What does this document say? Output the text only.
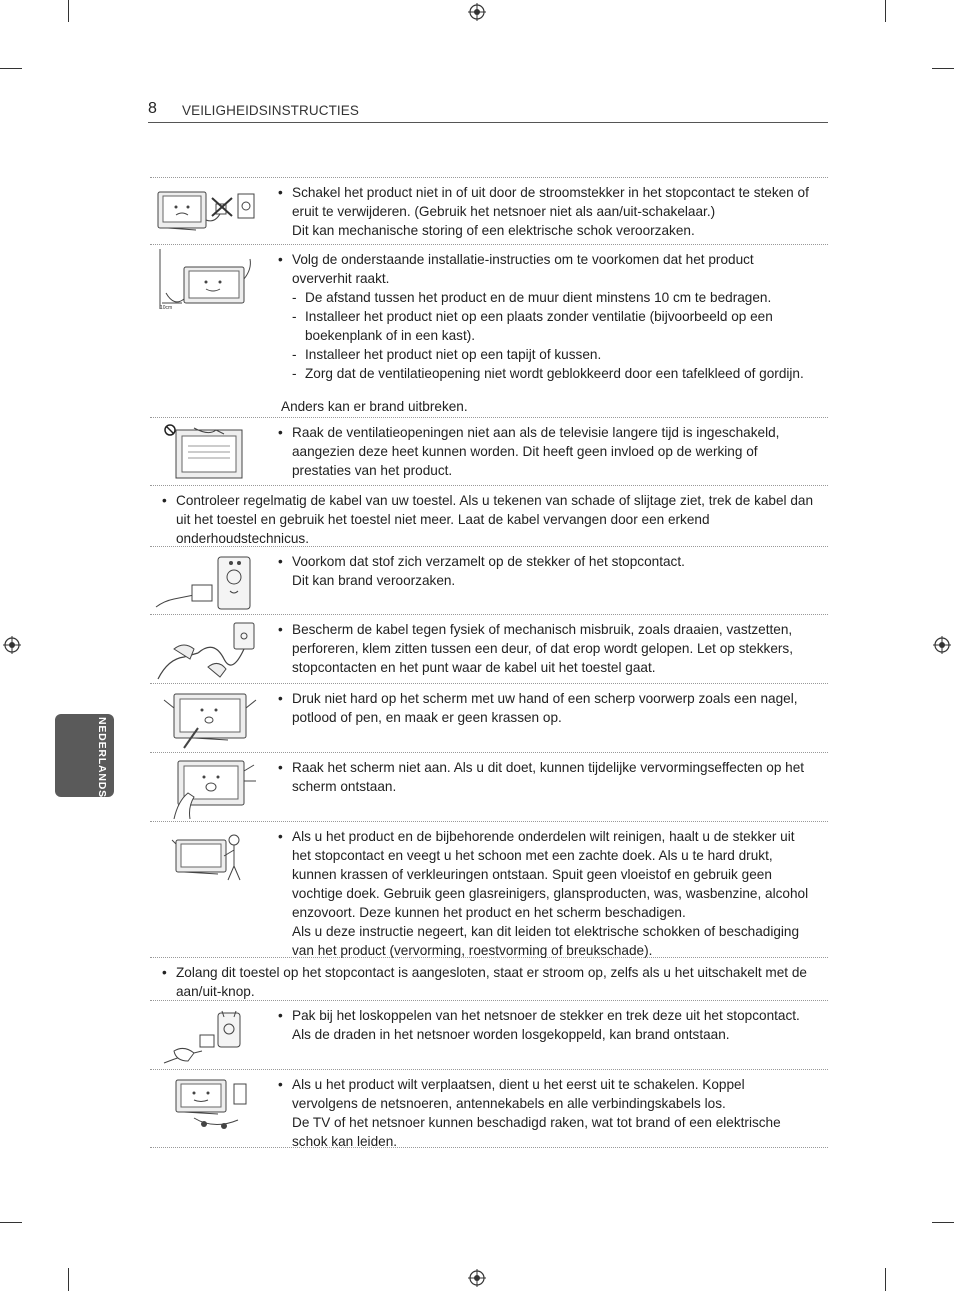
8 VEILIGHEIDSINSTRUCTIES
NEDERLANDS
• Schakel het product niet in of uit door de stroomstekker in het stopcontact te steken of eruit te verwijderen. (Gebruik het netsnoer niet als aan/uit-schakelaar.)
Dit kan mechanische storing of een elektrische schok veroorzaken.
10cm
• Volg de onderstaande installatie-instructies om te voorkomen dat het product oververhit raakt.
- De afstand tussen het product en de muur dient minstens 10 cm te bedragen.
- Installeer het product niet op een plaats zonder ventilatie (bijvoorbeeld op een boekenplank of in een kast).
- Installeer het product niet op een tapijt of kussen.
- Zorg dat de ventilatieopening niet wordt geblokkeerd door een tafelkleed of gordijn.
• Raak de ventilatieopeningen niet aan als de televisie langere tijd is ingeschakeld, aangezien deze heet kunnen worden. Dit heeft geen invloed op de werking of prestaties van het product.
• Controleer regelmatig de kabel van uw toestel. Als u tekenen van schade of slijtage ziet, trek de kabel dan uit het toestel en gebruik het toestel niet meer. Laat de kabel vervangen door een erkend onderhoudstechnicus.
• Voorkom dat stof zich verzamelt op de stekker of het stopcontact.
Dit kan brand veroorzaken.
• Bescherm de kabel tegen fysiek of mechanisch misbruik, zoals draaien, vastzetten, perforeren, klem zitten tussen een deur, of dat erop wordt gelopen. Let op stekkers, stopcontacten en het punt waar de kabel uit het toestel gaat.
• Druk niet hard op het scherm met uw hand of een scherp voorwerp zoals een nagel, potlood of pen, en maak er geen krassen op.
• Raak het scherm niet aan. Als u dit doet, kunnen tijdelijke vervormingseffecten op het scherm ontstaan.
• Als u het product en de bijbehorende onderdelen wilt reinigen, haalt u de stekker uit het stopcontact en veegt u het schoon met een zachte doek. Als u te hard drukt, kunnen krassen of verkleuringen ontstaan. Spuit geen vloeistof en gebruik geen vochtige doek. Gebruik geen glasreinigers, glansproducten, was, wasbenzine, alcohol enzovoort. Deze kunnen het product en het scherm beschadigen.
Als u deze instructie negeert, kan dit leiden tot elektrische schokken of beschadiging van het product (vervorming, roestvorming of breukschade).
• Zolang dit toestel op het stopcontact is aangesloten, staat er stroom op, zelfs als u het uitschakelt met de aan/uit-knop.
• Pak bij het loskoppelen van het netsnoer de stekker en trek deze uit het stopcontact.
Als de draden in het netsnoer worden losgekoppeld, kan brand ontstaan.
• Als u het product wilt verplaatsen, dient u het eerst uit te schakelen. Koppel vervolgens de netsnoeren, antennekabels en alle verbindingskabels los.
De TV of het netsnoer kunnen beschadigd raken, wat tot brand of een elektrische schok kan leiden.
Anders kan er brand uitbreken.
